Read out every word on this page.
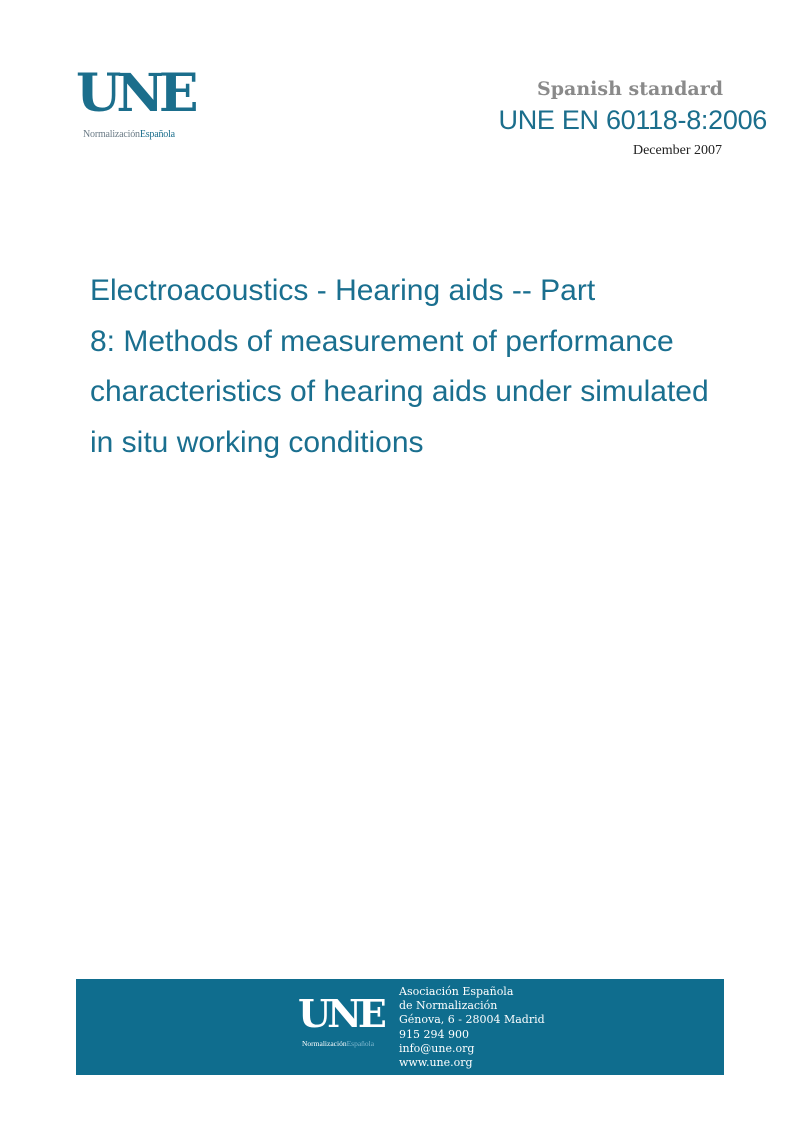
UNE
NormalizaciónEspañola
Spanish standard
UNE EN 60118-8:2006
December 2007
Electroacoustics - Hearing aids -- Part
8: Methods of measurement of performance
characteristics of hearing aids under simulated
in situ working conditions
UNE
NormalizaciónEspañola
Asociación Española
de Normalización
Génova, 6 - 28004 Madrid
915 294 900
info@une.org
www.une.org
